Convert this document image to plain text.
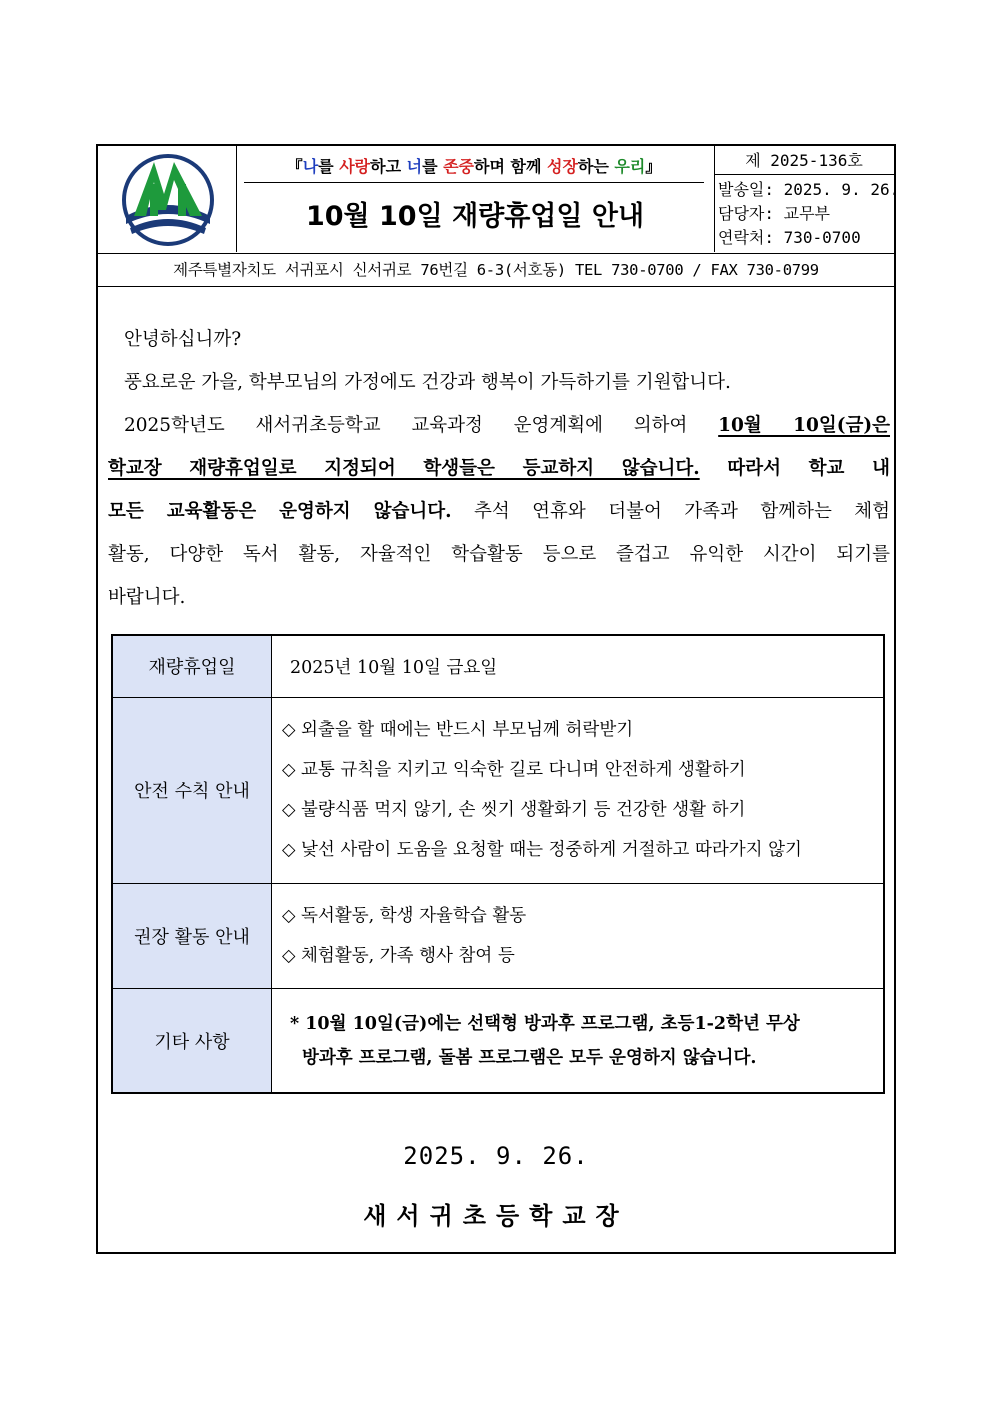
『나를 사랑하고 너를 존중하며 함께 성장하는 우리』
10월 10일 재량휴업일 안내
제 2025-136호
발송일: 2025. 9. 26.
담당자: 교무부
연락처: 730-0700
제주특별자치도 서귀포시 신서귀로 76번길 6-3(서호동) TEL 730-0700 / FAX 730-0799
안녕하십니까?
풍요로운 가을, 학부모님의 가정에도 건강과 행복이 가득하기를 기원합니다.
2025학년도 새서귀초등학교 교육과정 운영계획에 의하여 10월 10일(금)은
학교장 재량휴업일로 지정되어 학생들은 등교하지 않습니다. 따라서 학교 내
모든 교육활동은 운영하지 않습니다. 추석 연휴와 더불어 가족과 함께하는 체험
활동, 다양한 독서 활동, 자율적인 학습활동 등으로 즐겁고 유익한 시간이 되기를
바랍니다.
재량휴업일	2025년 10월 10일 금요일
안전 수칙 안내	◇ 외출을 할 때에는 반드시 부모님께 허락받기
◇ 교통 규칙을 지키고 익숙한 길로 다니며 안전하게 생활하기
◇ 불량식품 먹지 않기, 손 씻기 생활화기 등 건강한 생활 하기
◇ 낯선 사람이 도움을 요청할 때는 정중하게 거절하고 따라가지 않기

권장 활동 안내	◇ 독서활동, 학생 자율학습 활동
◇ 체험활동, 가족 행사 참여 등

기타 사항	* 10월 10일(금)에는 선택형 방과후 프로그램, 초등1-2학년 무상
방과후 프로그램, 돌봄 프로그램은 모두 운영하지 않습니다.
2025. 9. 26.
새서귀초등학교장
